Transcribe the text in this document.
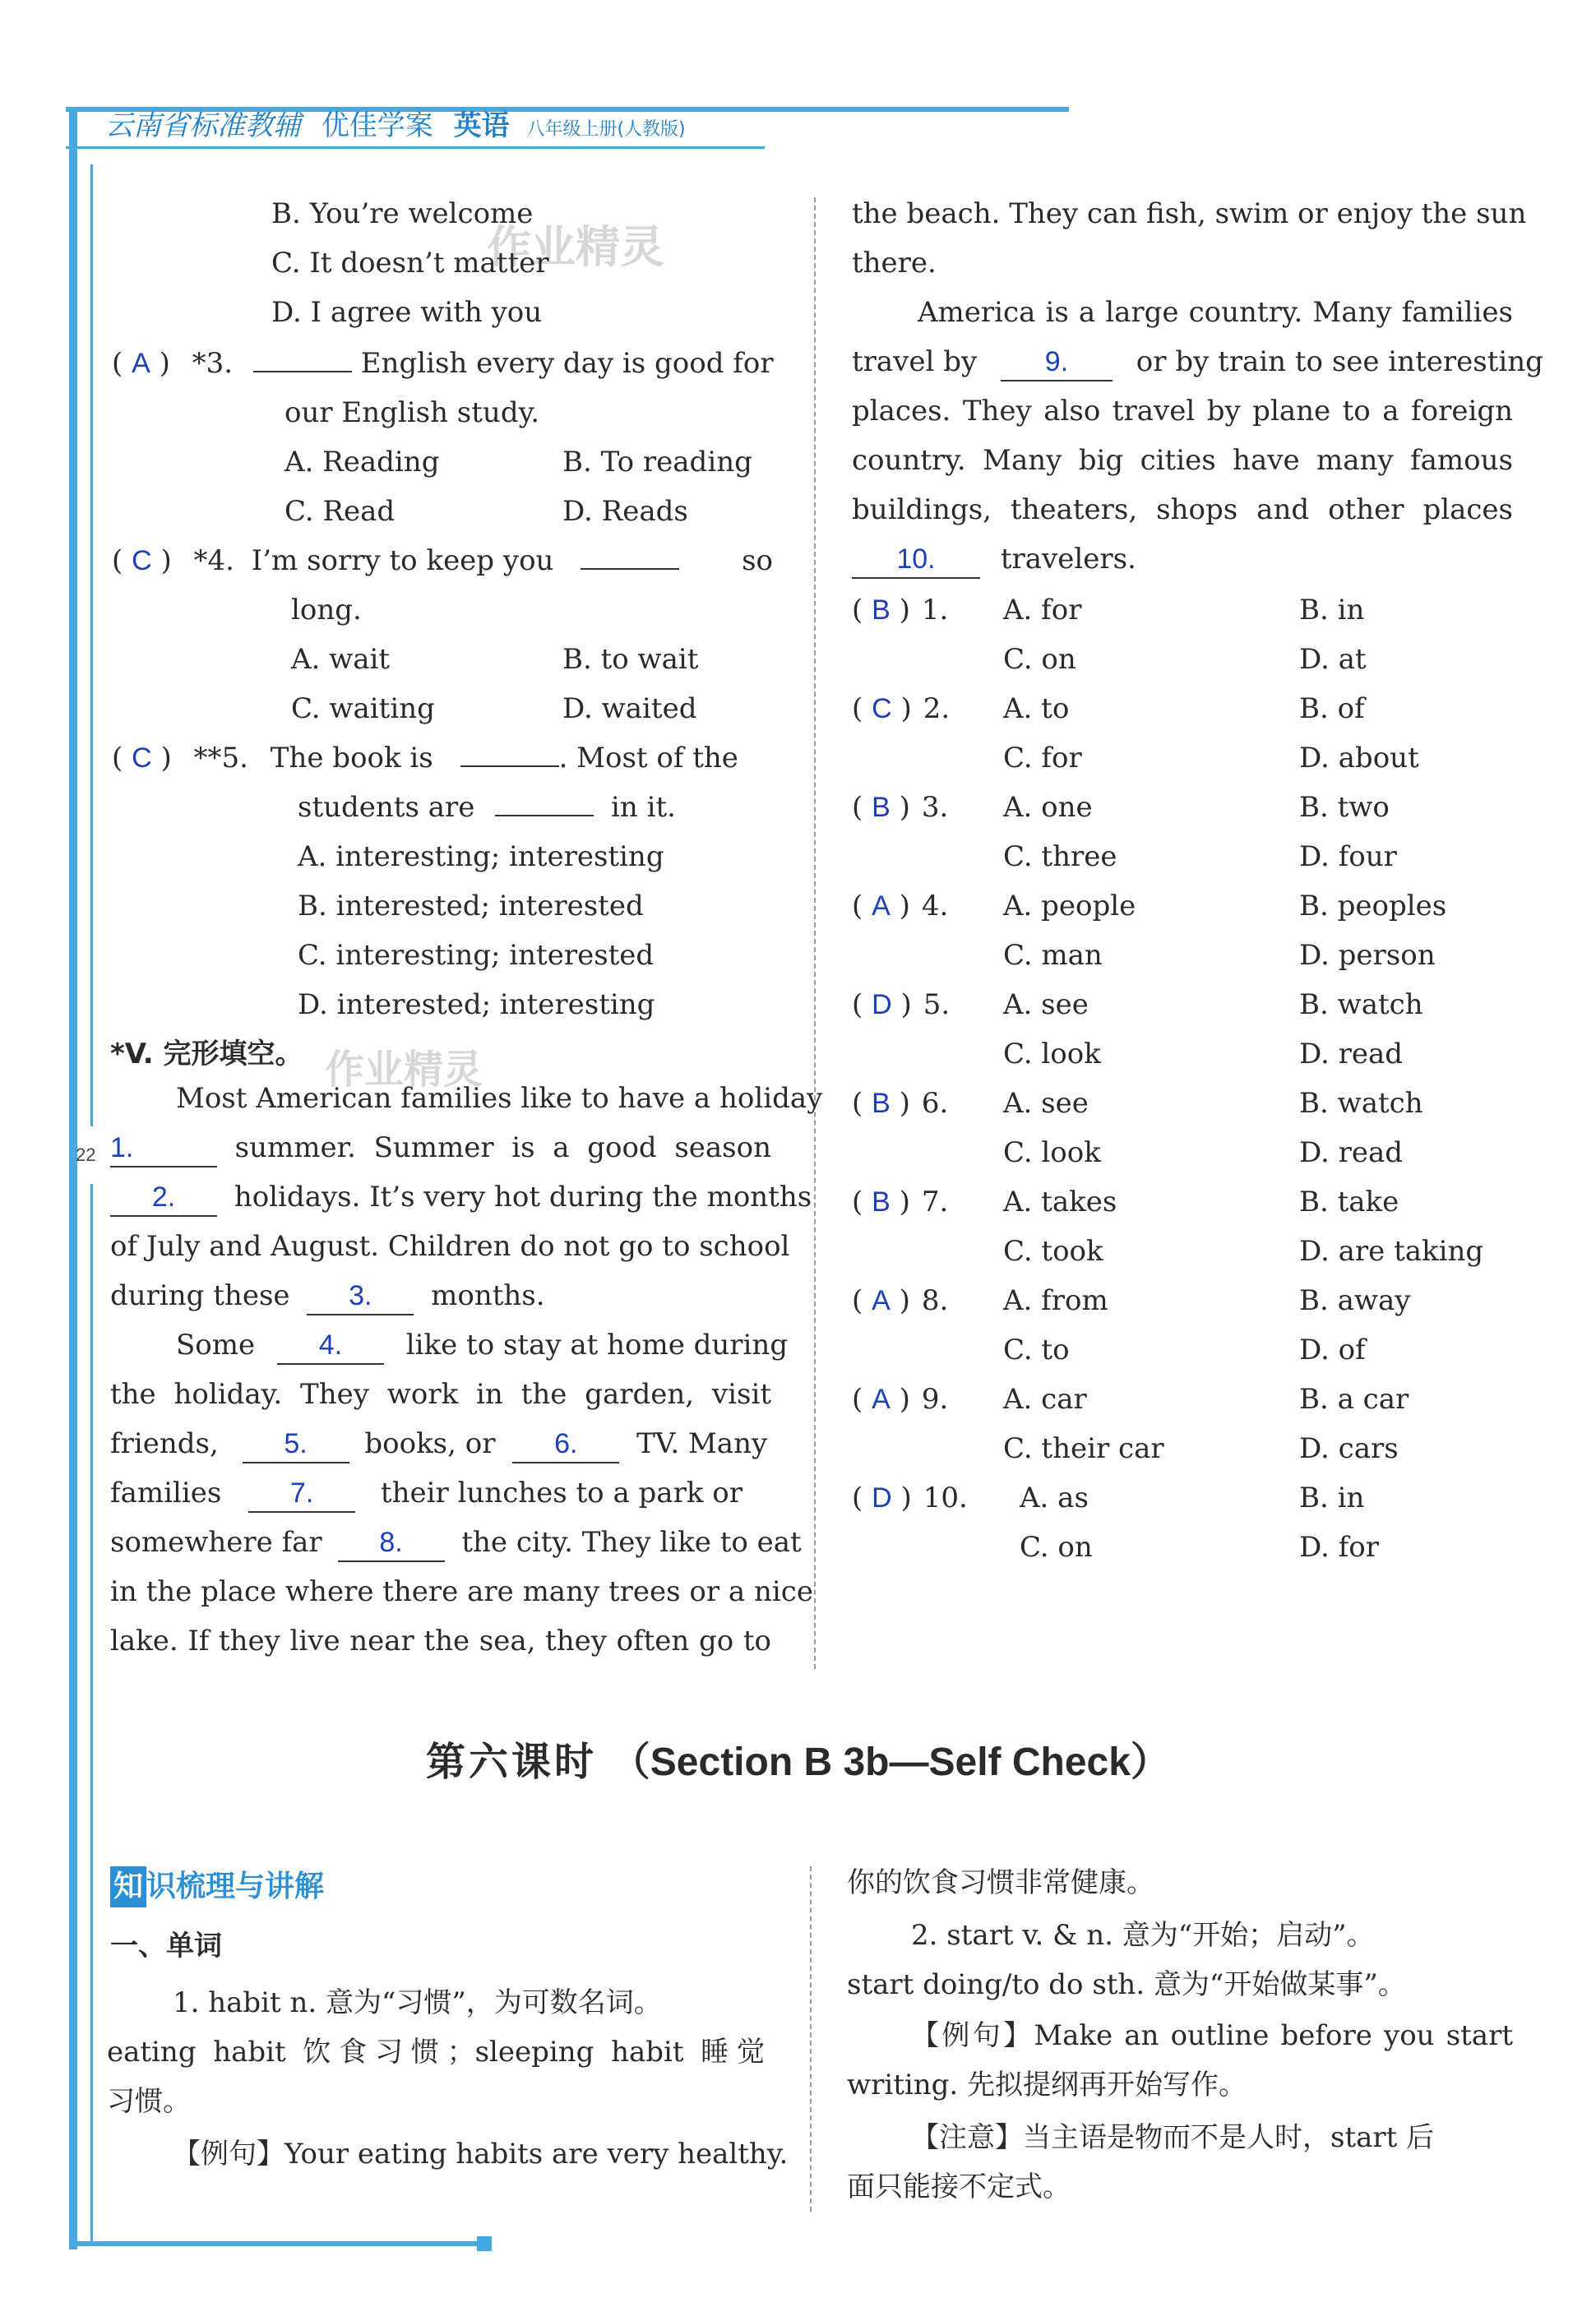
22
云南省标准教辅 优佳学案 英语 八年级上册(人教版)
作业精灵
作业精灵
B. You’re welcome
C. It doesn’t matter
D. I agree with you
( A ) *3.	English every day is good for
our English study.
A. Reading	B. To reading
C. Read	D. Reads
( C ) *4. I’m sorry to keep you	so
long.
A. wait	B. to wait
C. waiting	D. waited
( C ) **5. The book is	. Most of the
students are	in it.
A. interesting; interesting
B. interested; interested
C. interesting; interested
D. interested; interesting
*V. 完形填空。
Most American families like to have a holiday
1.	summer. Summer is a good season
2. holidays. It’s very hot during the months
of July and August. Children do not go to school
during these 3. months.
Some 4. like to stay at home during
the holiday. They work in the garden, visit
friends, 5. books, or 6. TV. Many
families 7. their lunches to a park or
somewhere far 8. the city. They like to eat
in the place where there are many trees or a nice
lake. If they live near the sea, they often go to
the beach. They can fish, swim or enjoy the sun
there.
America is a large country. Many families
travel by 9. or by train to see interesting
places. They also travel by plane to a foreign
country. Many big cities have many famous
buildings, theaters, shops and other places
10. travelers.
( B ) 1. A. for	B. in
C. on	D. at
( C ) 2. A. to	B. of
C. for	D. about
( B ) 3. A. one	B. two
C. three	D. four
( A ) 4. A. people	B. peoples
C. man	D. person
( D ) 5. A. see	B. watch
C. look	D. read
( B ) 6. A. see	B. watch
C. look	D. read
( B ) 7. A. takes	B. take
C. took	D. are taking
( A ) 8. A. from	B. away
C. to	D. of
( A ) 9. A. car	B. a car
C. their car	D. cars
( D ) 10. A. as	B. in
C. on	D. for
第六课时 （Section B 3b—Self Check）
知 识梳理与讲解
一、单词
1. habit n. 意为“习惯”，为可数名词。
eating habit 饮食习惯；sleeping habit 睡觉
习惯。
【例句】Your eating habits are very healthy.
你的饮食习惯非常健康。
2. start v. & n. 意为“开始；启动”。
start doing/to do sth. 意为“开始做某事”。
【例句】Make an outline before you start
writing. 先拟提纲再开始写作。
【注意】当主语是物而不是人时，start 后
面只能接不定式。
